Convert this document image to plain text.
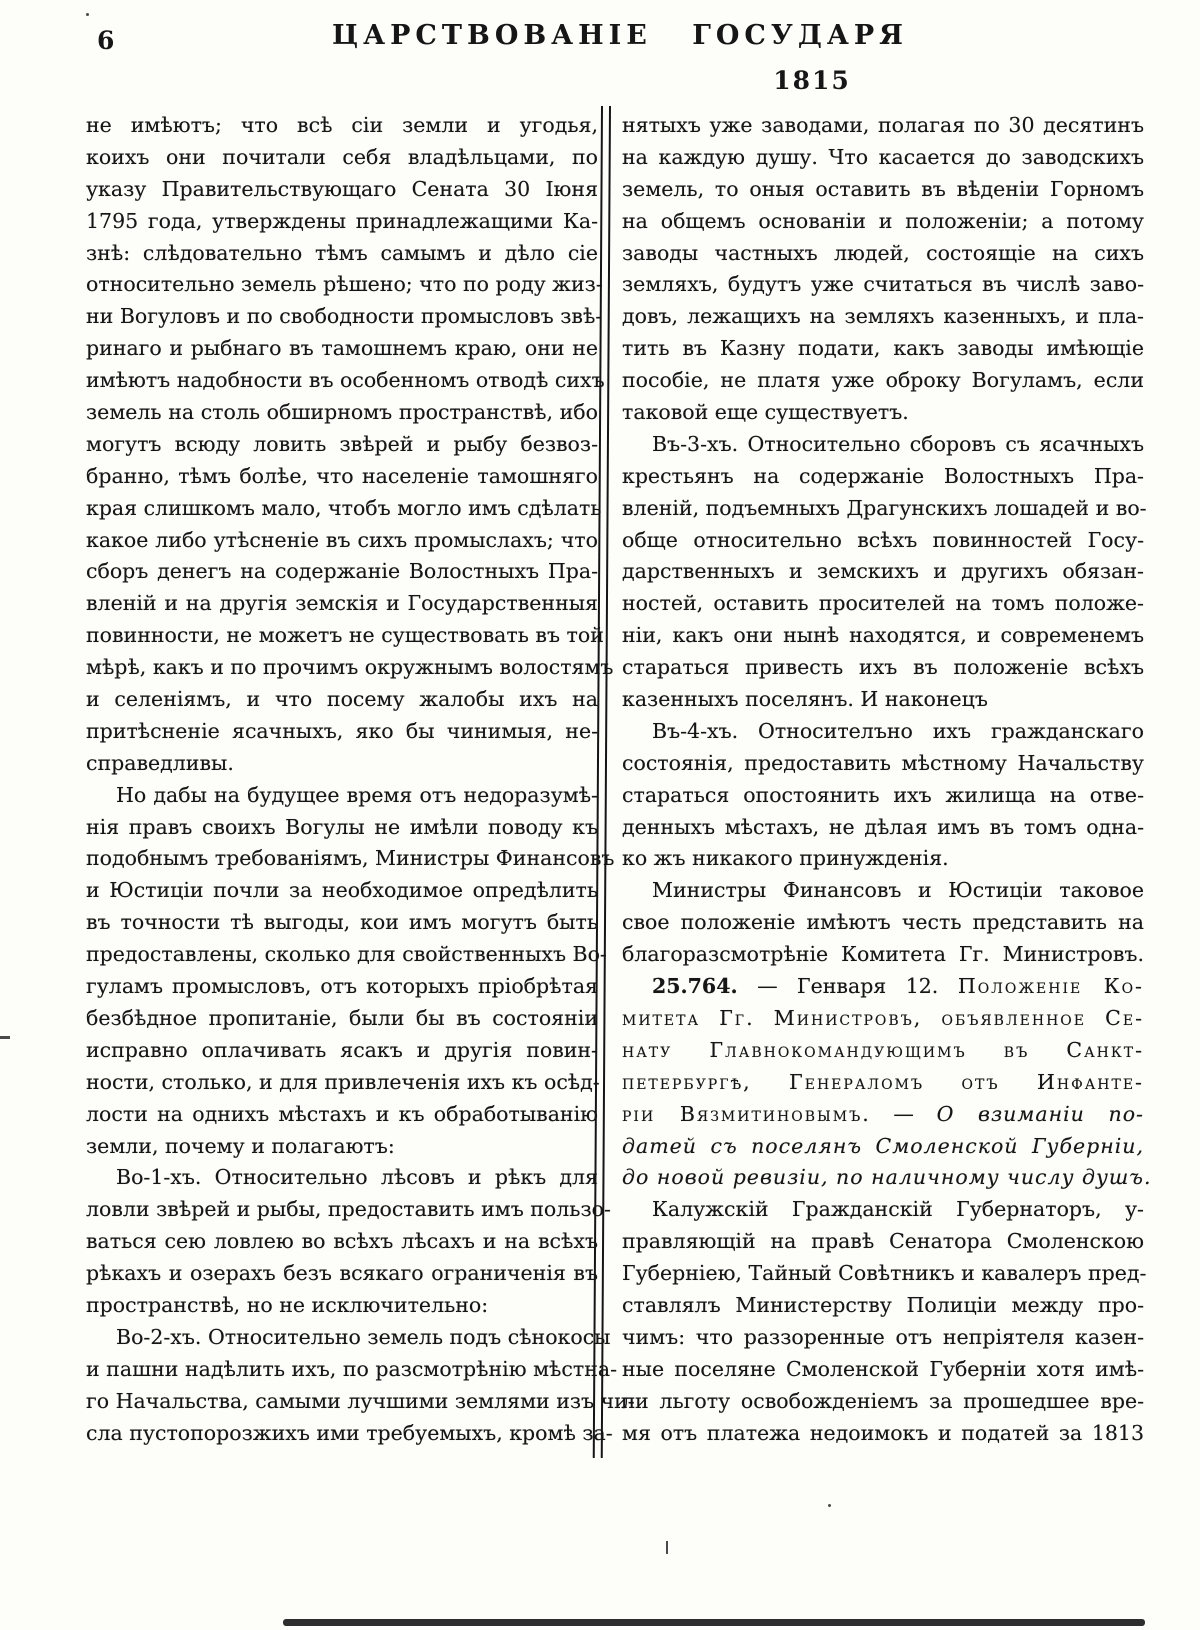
6	ЦАРСТВОВАНІЕ ГОСУДАРЯ
1815
не имѣютъ; что всѣ сіи земли и угодья,
коихъ они почитали себя владѣльцами, по
указу Правительствующаго Сената 30 Іюня
1795 года, утверждены принадлежащими Ка-
знѣ: слѣдовательно тѣмъ самымъ и дѣло сіе
относительно земель рѣшено; что по роду жиз-
ни Вогуловъ и по свободности промысловъ звѣ-
ринаго и рыбнаго въ тамошнемъ краю, они не
имѣютъ надобности въ особенномъ отводѣ сихъ
земель на столь обширномъ пространствѣ, ибо
могутъ всюду ловить звѣрей и рыбу безвоз-
бранно, тѣмъ болѣе, что населеніе тамошняго
края слишкомъ мало, чтобъ могло имъ сдѣлать
какое либо утѣсненіе въ сихъ промыслахъ; что
сборъ денегъ на содержаніе Волостныхъ Пра-
вленій и на другія земскія и Государственныя
повинности, не можетъ не существовать въ той
мѣрѣ, какъ и по прочимъ окружнымъ волостямъ
и селеніямъ, и что посему жалобы ихъ на
притѣсненіе ясачныхъ, яко бы чинимыя, не-
справедливы.
Но дабы на будущее время отъ недоразумѣ-
нія правъ своихъ Вогулы не имѣли поводу къ
подобнымъ требованіямъ, Министры Финансовъ
и Юстиціи почли за необходимое опредѣлить
въ точности тѣ выгоды, кои имъ могутъ быть
предоставлены, сколько для свойственныхъ Во-
гуламъ промысловъ, отъ которыхъ пріобрѣтая
безбѣдное пропитаніе, были бы въ состояніи
исправно оплачивать ясакъ и другія повин-
ности, столько, и для привлеченія ихъ къ осѣд-
лости на однихъ мѣстахъ и къ обработыванію
земли, почему и полагаютъ:
Во-1-хъ. Относительно лѣсовъ и рѣкъ для
ловли звѣрей и рыбы, предоставить имъ пользо-
ваться сею ловлею во всѣхъ лѣсахъ и на всѣхъ
рѣкахъ и озерахъ безъ всякаго ограниченія въ
пространствѣ, но не исключительно:
Во-2-хъ. Относительно земель подъ сѣнокосы
и пашни надѣлить ихъ, по разсмотрѣнію мѣстна-
го Начальства, самыми лучшими землями изъ чи-
сла пустопорозжихъ ими требуемыхъ, кромѣ за-
нятыхъ уже заводами, полагая по 30 десятинъ
на каждую душу. Что касается до заводскихъ
земель, то оныя оставить въ вѣденіи Горномъ
на общемъ основаніи и положеніи; а потому
заводы частныхъ людей, состоящіе на сихъ
земляхъ, будутъ уже считаться въ числѣ заво-
довъ, лежащихъ на земляхъ казенныхъ, и пла-
тить въ Казну подати, какъ заводы имѣющіе
пособіе, не платя уже оброку Вогуламъ, если
таковой еще существуетъ.
Въ-3-хъ. Относительно сборовъ съ ясачныхъ
крестьянъ на содержаніе Волостныхъ Пра-
вленій, подъемныхъ Драгунскихъ лошадей и во-
обще относительно всѣхъ повинностей Госу-
дарственныхъ и земскихъ и другихъ обязан-
ностей, оставить просителей на томъ положе-
ніи, какъ они нынѣ находятся, и современемъ
стараться привесть ихъ въ положеніе всѣхъ
казенныхъ поселянъ. И наконецъ
Въ-4-хъ. Относителъно ихъ гражданскаго
состоянія, предоставить мѣстному Начальству
стараться опостоянить ихъ жилища на отве-
денныхъ мѣстахъ, не дѣлая имъ въ томъ одна-
ко жъ никакого принужденія.
Министры Финансовъ и Юстиціи таковое
свое положеніе имѣютъ честь представить на
благоразсмотрѣніе Комитета Гг. Министровъ.
25.764. — Генваря 12. Положеніе Ко-
митета Гг. Министровъ, объявленное Се-
нату Главнокомандующимъ въ Санкт-
петербургѣ, Генераломъ отъ Инфанте-
ріи Вязмитиновымъ. — О взиманіи по-
датей съ поселянъ Смоленской Губерніи,
до новой ревизіи, по наличному числу душъ.
Калужскій Гражданскій Губернаторъ, у-
правляющій на правѣ Сенатора Смоленскою
Губерніею, Тайный Совѣтникъ и кавалеръ пред-
ставлялъ Министерству Полиціи между про-
чимъ: что раззоренные отъ непріятеля казен-
ные поселяне Смоленской Губерніи хотя имѣ-
ли льготу освобожденіемъ за прошедшее вре-
мя отъ платежа недоимокъ и податей за 1813
